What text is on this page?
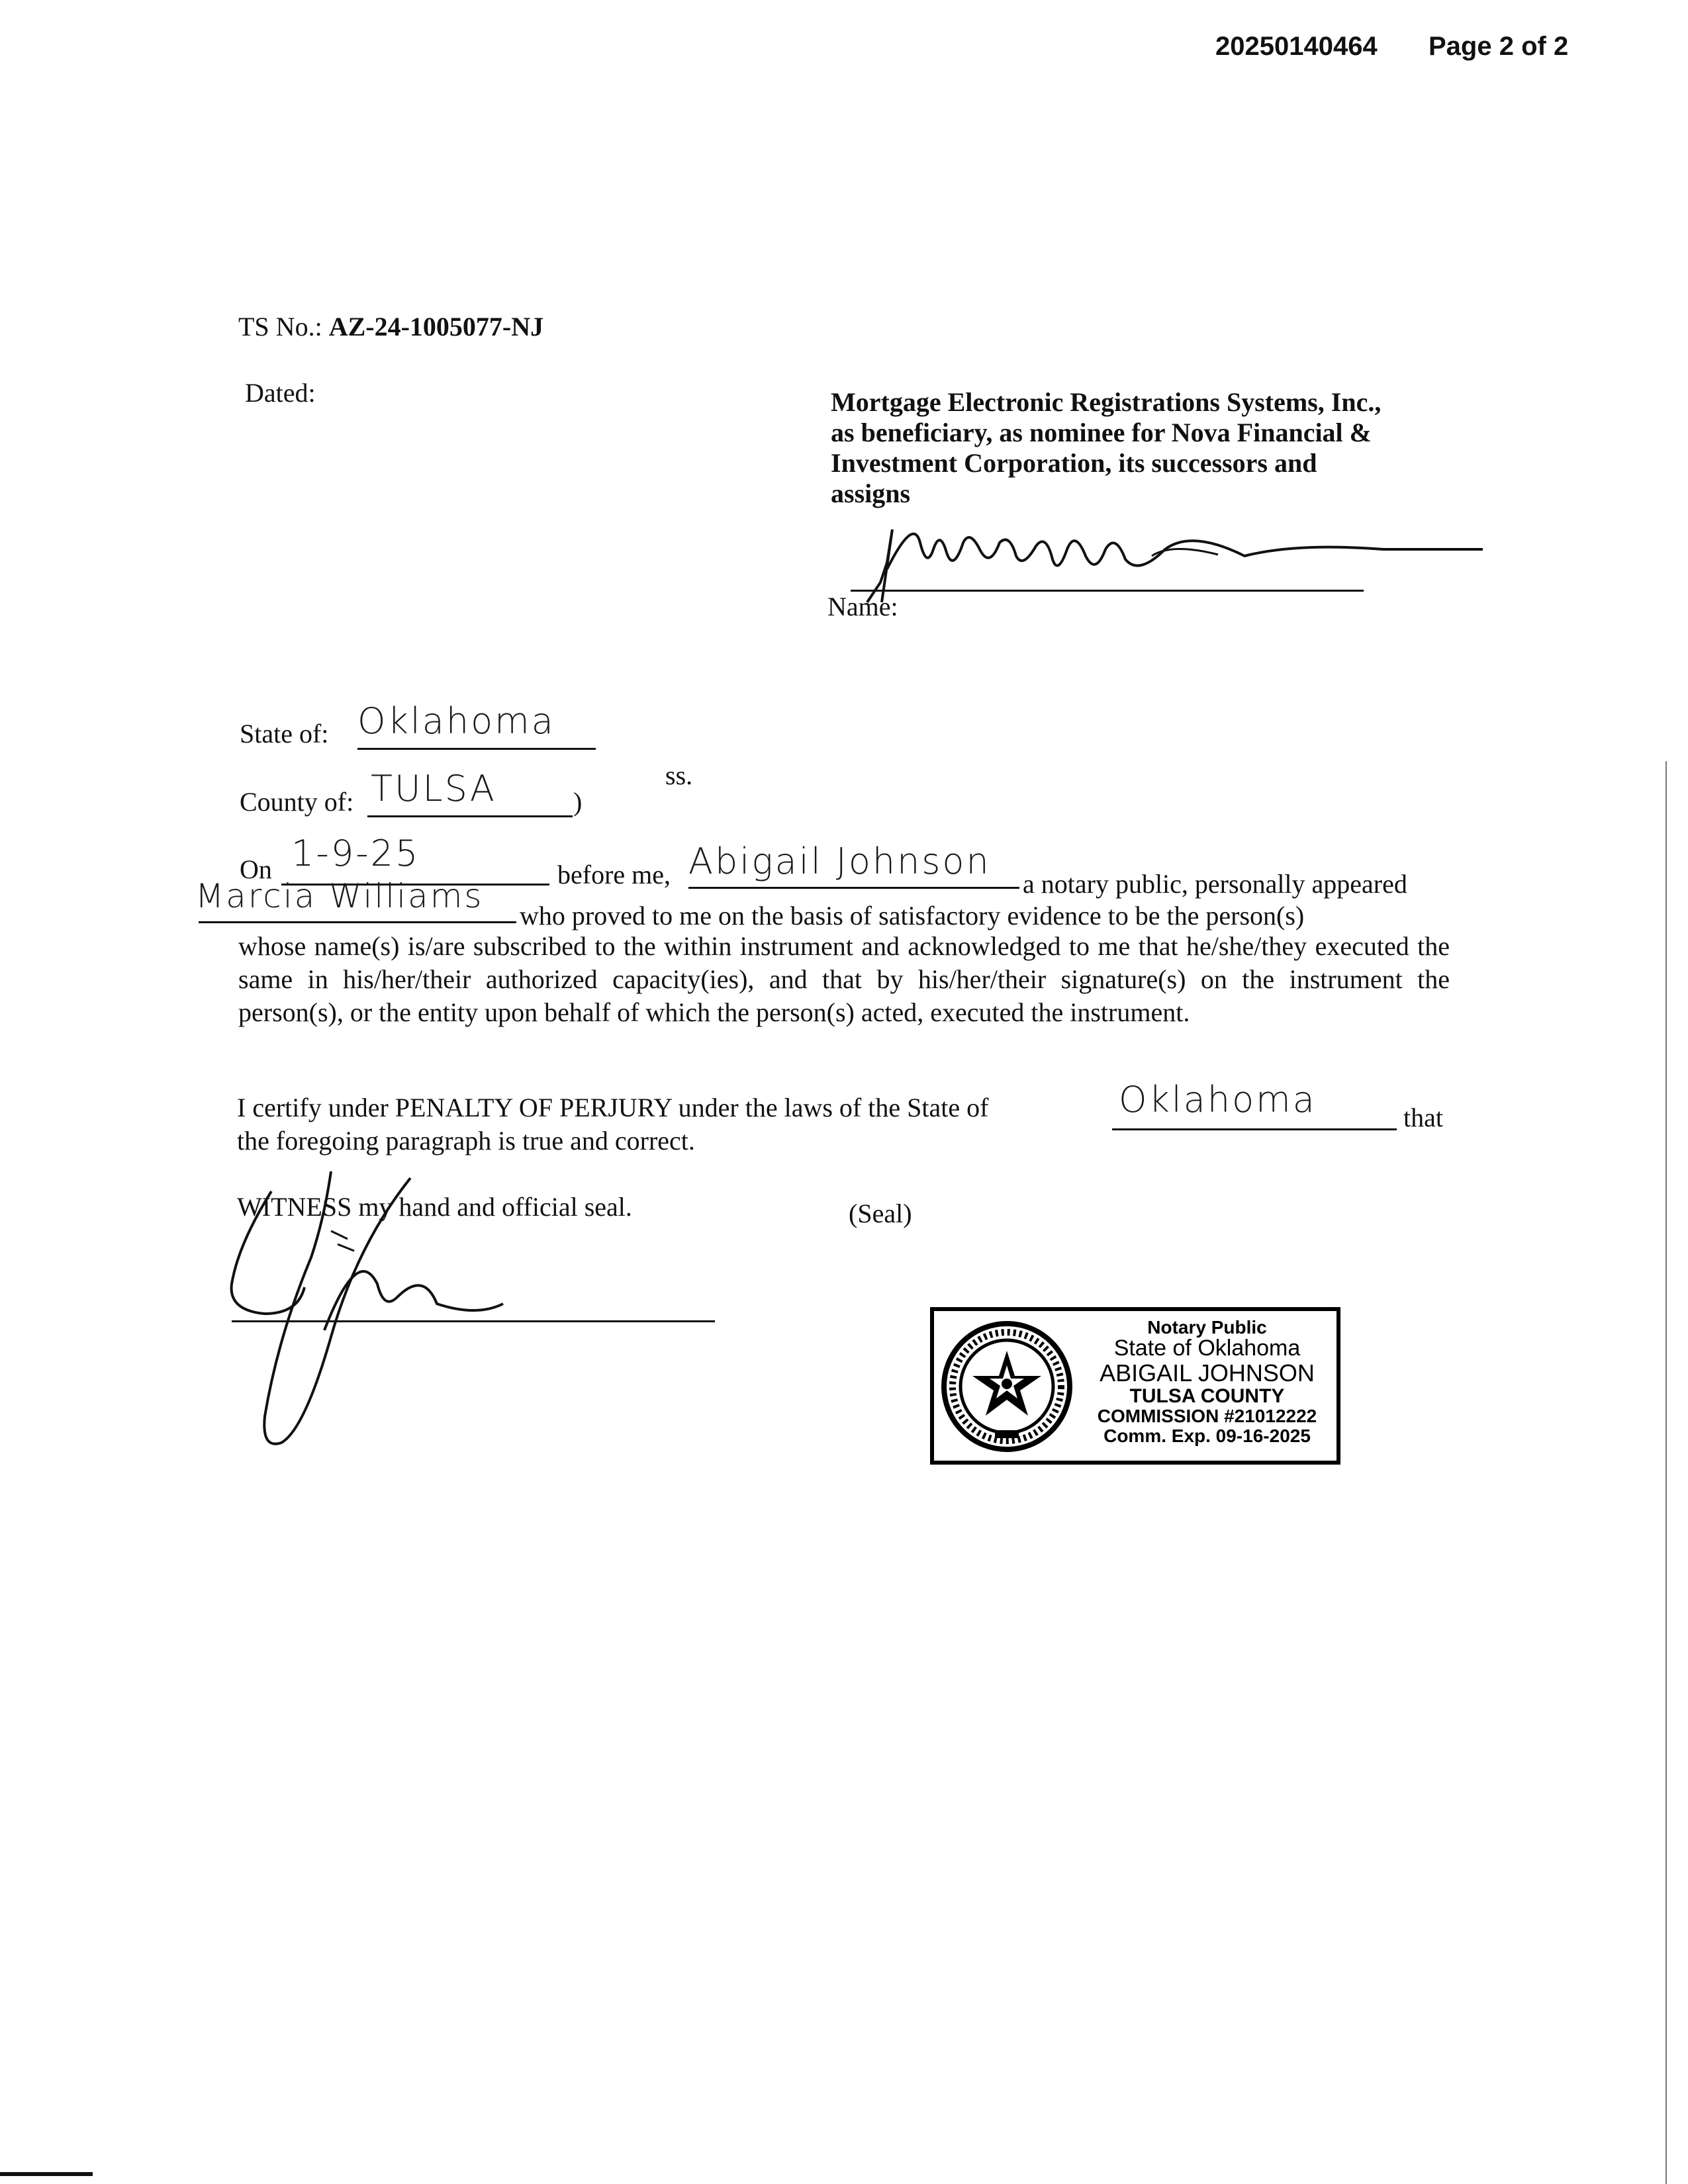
20250140464 Page 2 of 2
TS No.: AZ-24-1005077-NJ
Dated:	Mortgage Electronic Registrations Systems, Inc.,
as beneficiary, as nominee for Nova Financial &
Investment Corporation, its successors and
assigns
Name:
State of: Oklahoma
ss.
County of: TULSA	)
On 1-9-25
before me, Abigail Johnson
a notary public, personally appeared
Marcia Williams
who proved to me on the basis of satisfactory evidence to be the person(s)
whose name(s) is/are subscribed to the within instrument and acknowledged to me that he/she/they executed the same in his/her/their authorized capacity(ies), and that by his/her/their signature(s) on the instrument the person(s), or the entity upon behalf of which the person(s) acted, executed the instrument.
I certify under PENALTY OF PERJURY under the laws of the State of	Oklahoma	that
the foregoing paragraph is true and correct.
WITNESS my hand and official seal.	(Seal)
Notary Public
State of Oklahoma
ABIGAIL JOHNSON
TULSA COUNTY
COMMISSION #21012222
Comm. Exp. 09-16-2025
